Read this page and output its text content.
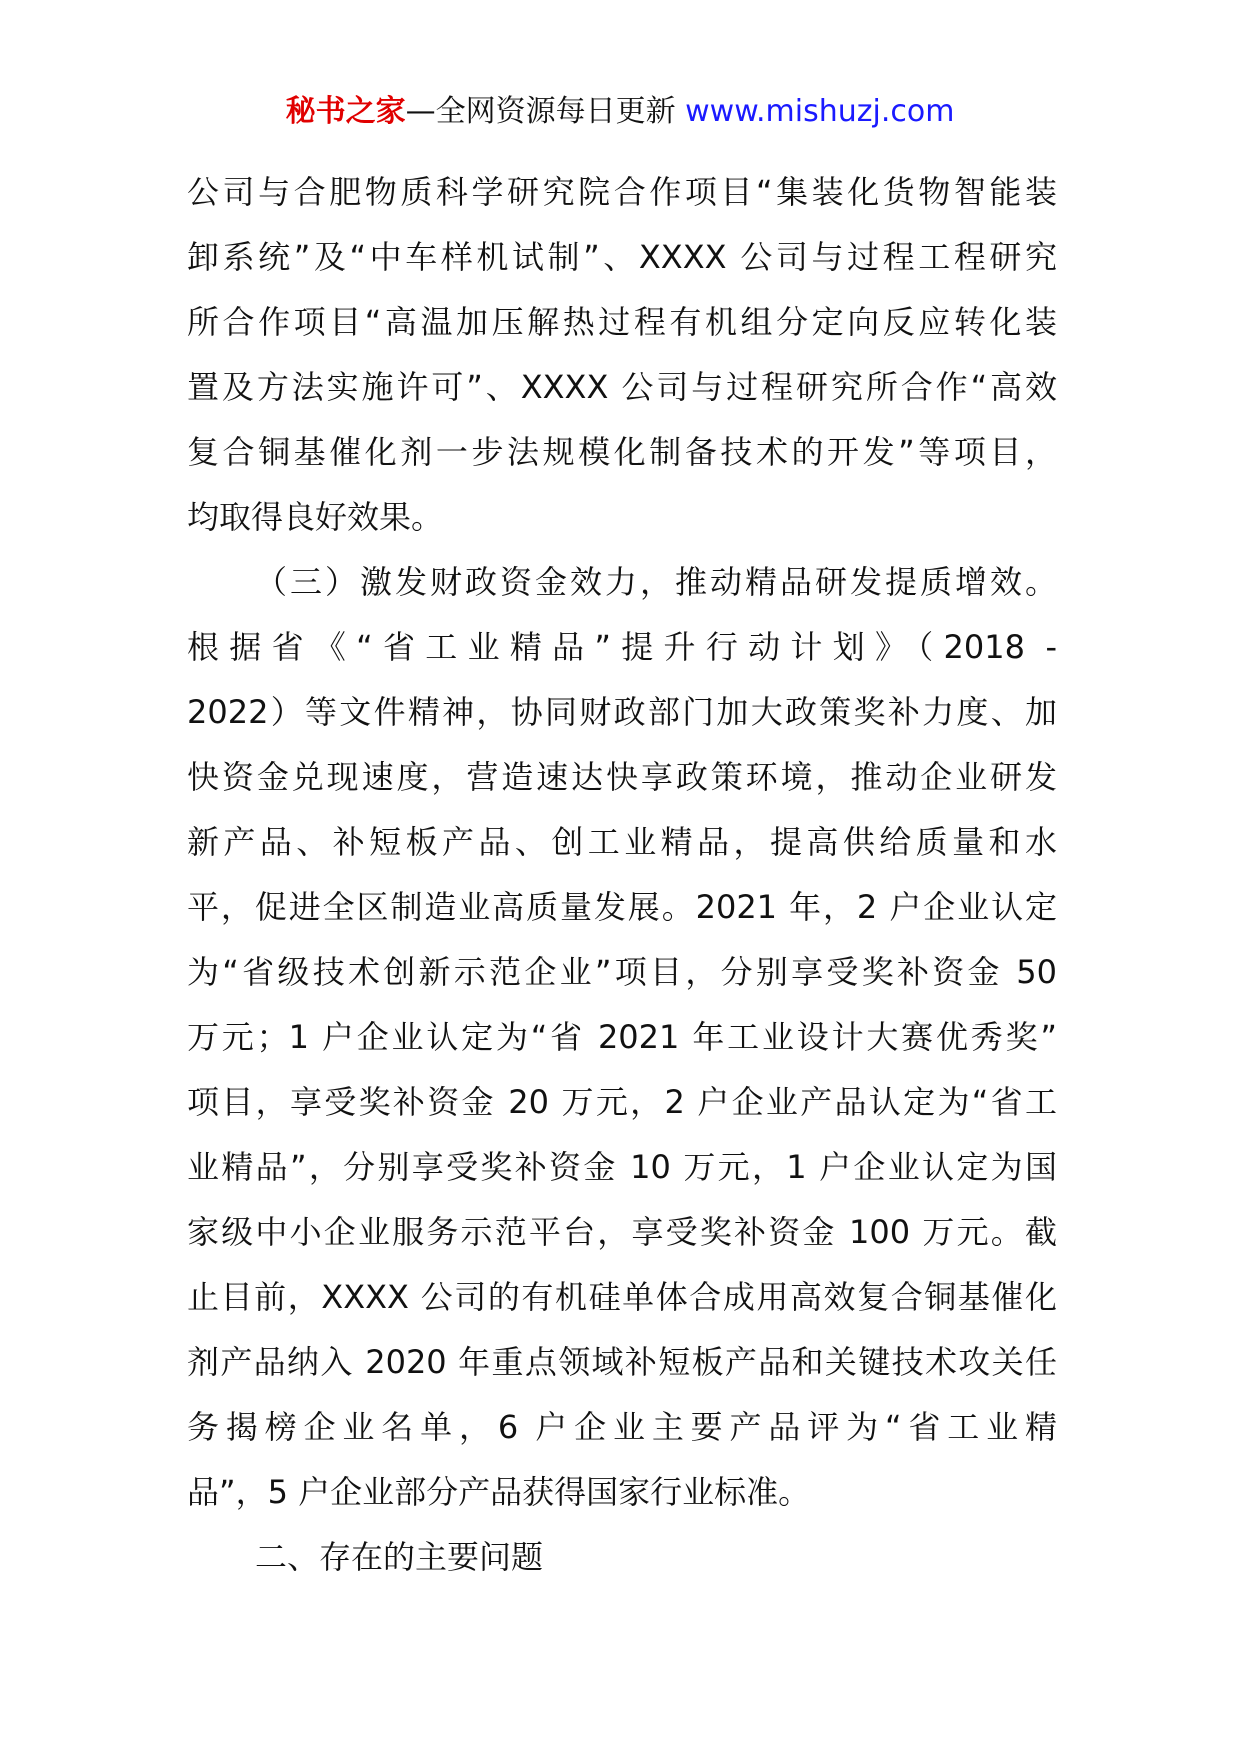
秘书之家—全网资源每日更新 www.mishuzj.com
公司与合肥物质科学研究院合作项目“集装化货物智能装
卸系统”及“中车样机试制”、XXXX 公司与过程工程研究
所合作项目“高温加压解热过程有机组分定向反应转化装
置及方法实施许可”、XXXX 公司与过程研究所合作“高效
复合铜基催化剂一步法规模化制备技术的开发”等项目，
均取得良好效果。
（三）激发财政资金效力，推动精品研发提质增效。
根据省《“省工业精品”提升行动计划》（2018 -
2022）等文件精神，协同财政部门加大政策奖补力度、加
快资金兑现速度，营造速达快享政策环境，推动企业研发
新产品、补短板产品、创工业精品，提高供给质量和水
平，促进全区制造业高质量发展。2021 年，2 户企业认定
为“省级技术创新示范企业”项目，分别享受奖补资金 50
万元；1 户企业认定为“省 2021 年工业设计大赛优秀奖”
项目，享受奖补资金 20 万元，2 户企业产品认定为“省工
业精品”，分别享受奖补资金 10 万元，1 户企业认定为国
家级中小企业服务示范平台，享受奖补资金 100 万元。截
止目前，XXXX 公司的有机硅单体合成用高效复合铜基催化
剂产品纳入 2020 年重点领域补短板产品和关键技术攻关任
务揭榜企业名单，6 户企业主要产品评为“省工业精
品”，5 户企业部分产品获得国家行业标准。
二、存在的主要问题
